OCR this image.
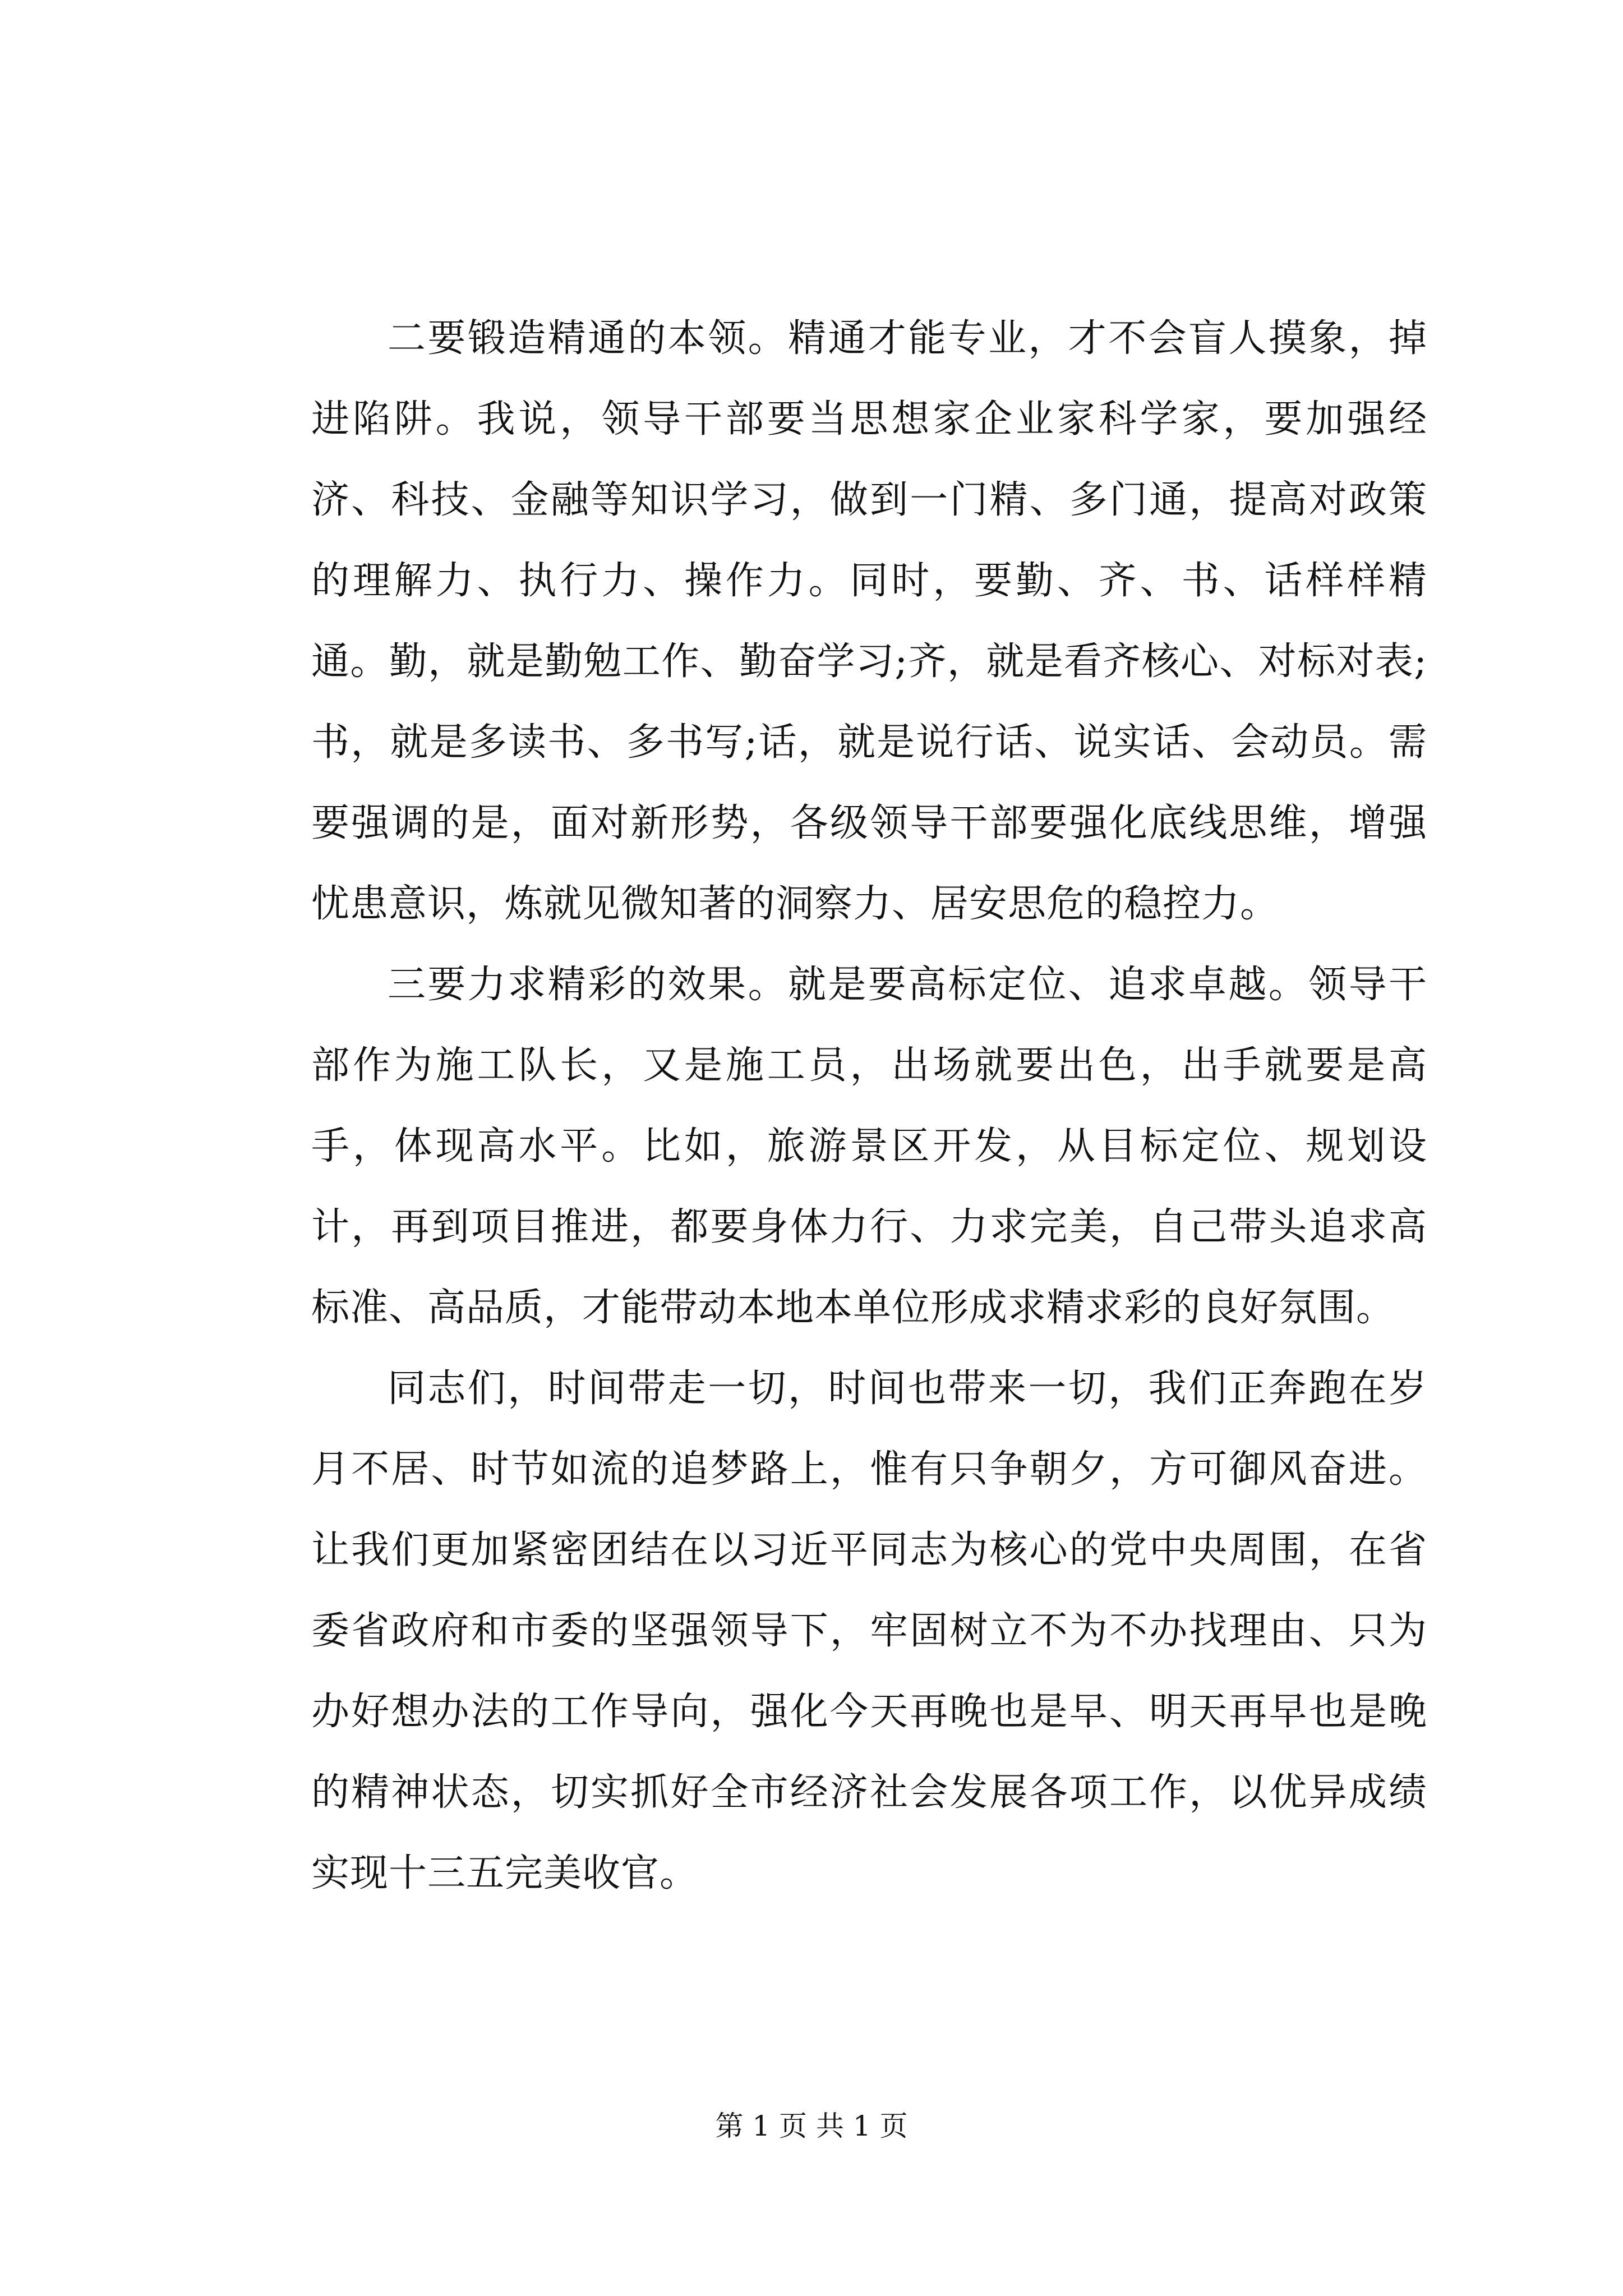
二要锻造精通的本领。精通才能专业，才不会盲人摸象，掉进陷阱。我说，领导干部要当思想家企业家科学家，要加强经济、科技、金融等知识学习，做到一门精、多门通，提高对政策的理解力、执行力、操作力。同时，要勤、齐、书、话样样精通。勤，就是勤勉工作、勤奋学习;齐，就是看齐核心、对标对表;书，就是多读书、多书写;话，就是说行话、说实话、会动员。需要强调的是，面对新形势，各级领导干部要强化底线思维，增强忧患意识，炼就见微知著的洞察力、居安思危的稳控力。

三要力求精彩的效果。就是要高标定位、追求卓越。领导干部作为施工队长，又是施工员，出场就要出色，出手就要是高手，体现高水平。比如，旅游景区开发，从目标定位、规划设计，再到项目推进，都要身体力行、力求完美，自己带头追求高标准、高品质，才能带动本地本单位形成求精求彩的良好氛围。

同志们，时间带走一切，时间也带来一切，我们正奔跑在岁月不居、时节如流的追梦路上，惟有只争朝夕，方可御风奋进。让我们更加紧密团结在以习近平同志为核心的党中央周围，在省委省政府和市委的坚强领导下，牢固树立不为不办找理由、只为办好想办法的工作导向，强化今天再晚也是早、明天再早也是晚的精神状态，切实抓好全市经济社会发展各项工作，以优异成绩实现十三五完美收官。

第 1 页 共 1 页
